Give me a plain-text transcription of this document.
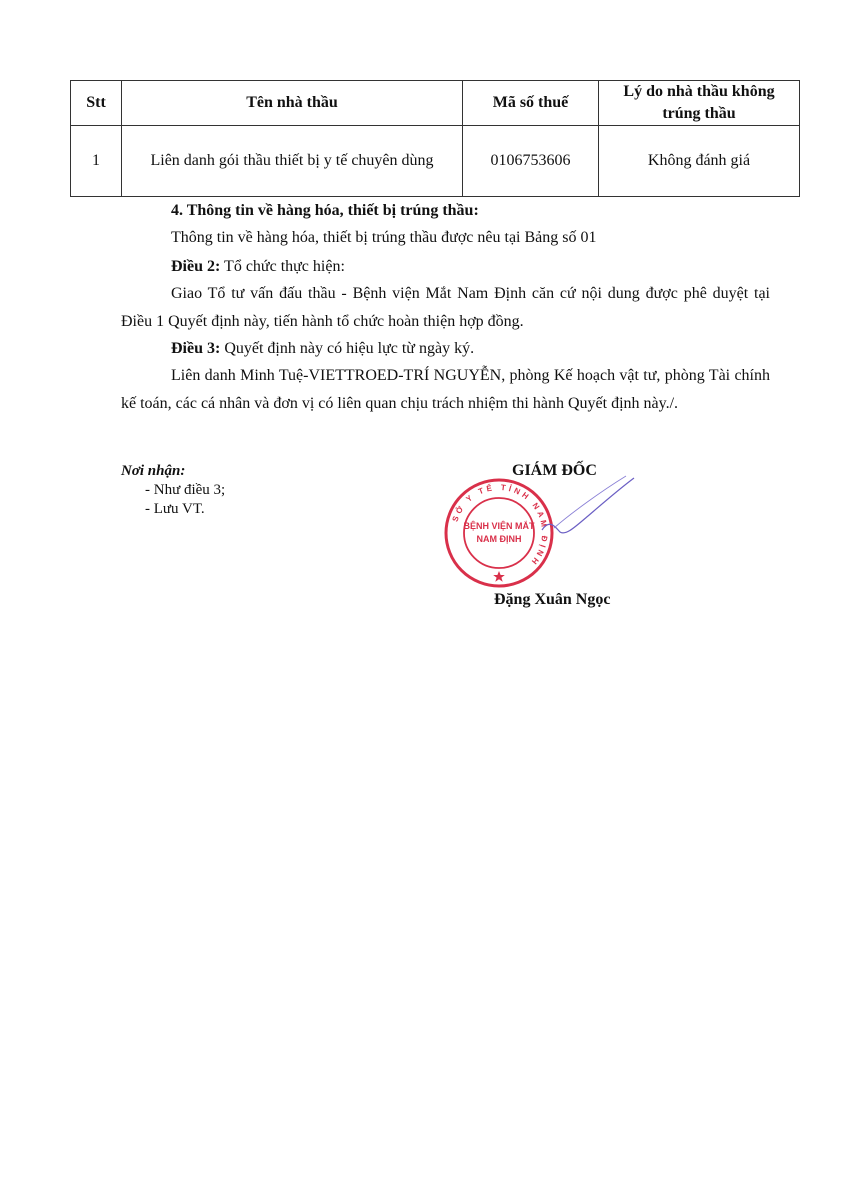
Stt	Tên nhà thầu	Mã số thuế	Lý do nhà thầu không trúng thầu
1	Liên danh gói thầu thiết bị y tế chuyên dùng	0106753606	Không đánh giá
4. Thông tin về hàng hóa, thiết bị trúng thầu:
Thông tin về hàng hóa, thiết bị trúng thầu được nêu tại Bảng số 01
Điều 2: Tổ chức thực hiện:

Giao Tổ tư vấn đấu thầu - Bệnh viện Mắt Nam Định căn cứ nội dung được phê duyệt tại Điều 1 Quyết định này, tiến hành tổ chức hoàn thiện hợp đồng.

Điều 3: Quyết định này có hiệu lực từ ngày ký.

Liên danh Minh Tuệ-VIETTROED-TRÍ NGUYỄN, phòng Kế hoạch vật tư, phòng Tài chính kế toán, các cá nhân và đơn vị có liên quan chịu trách nhiệm thi hành Quyết định này./.

Nơi nhận:
- Như điều 3;
- Lưu VT.
GIÁM ĐỐC
SỞ Y TẾ TỈNH NAM ĐỊNH
BỆNH VIỆN MẮT
NAM ĐỊNH
Đặng Xuân Ngọc
